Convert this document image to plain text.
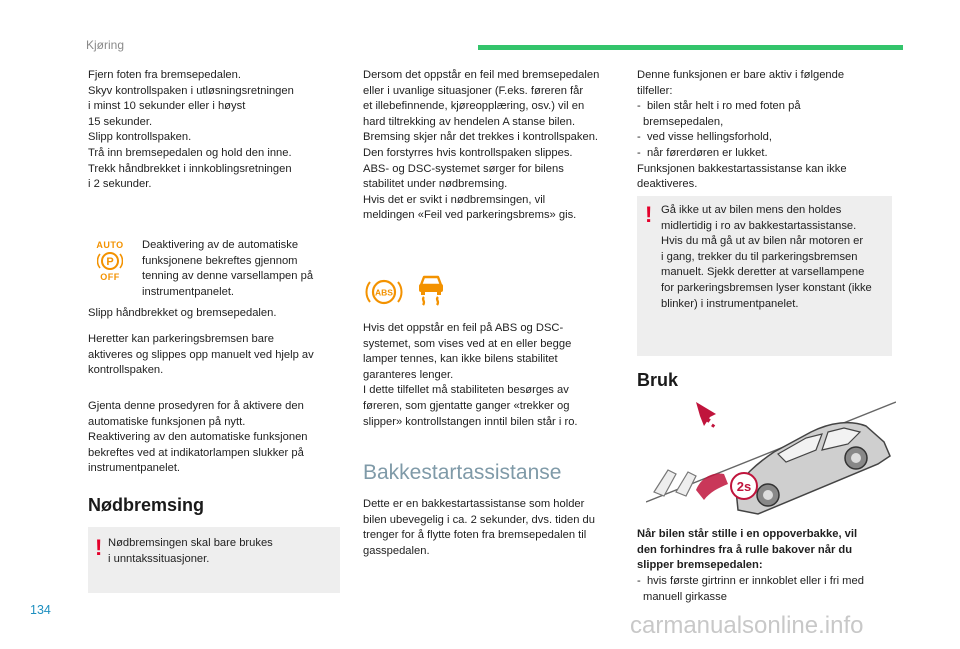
Kjøring
Fjern foten fra bremsepedalen.
Skyv kontrollspaken i utløsningsretningen
i minst 10 sekunder eller i høyst
15 sekunder.
Slipp kontrollspaken.
Trå inn bremsepedalen og hold den inne.
Trekk håndbrekket i innkoblingsretningen
i 2 sekunder.
AUTO
P
OFF
Deaktivering av de automatiske
funksjonene bekreftes gjennom
tenning av denne varsellampen på
instrumentpanelet.
Slipp håndbrekket og bremsepedalen.
Heretter kan parkeringsbremsen bare
aktiveres og slippes opp manuelt ved hjelp av
kontrollspaken.
Gjenta denne prosedyren for å aktivere den
automatiske funksjonen på nytt.
Reaktivering av den automatiske funksjonen
bekreftes ved at indikatorlampen slukker på
instrumentpanelet.
Nødbremsing
! Nødbremsingen skal bare brukes
i unntakssituasjoner.
Dersom det oppstår en feil med bremsepedalen
eller i uvanlige situasjoner (F.eks. føreren får
et illebefinnende, kjøreopplæring, osv.) vil en
hard tiltrekking av hendelen A stanse bilen.
Bremsing skjer når det trekkes i kontrollspaken.
Den forstyrres hvis kontrollspaken slippes.
ABS- og DSC-systemet sørger for bilens
stabilitet under nødbremsing.
Hvis det er svikt i nødbremsingen, vil
meldingen «Feil ved parkeringsbrems» gis.
ABS
Hvis det oppstår en feil på ABS og DSC-
systemet, som vises ved at en eller begge
lamper tennes, kan ikke bilens stabilitet
garanteres lenger.
I dette tilfellet må stabiliteten besørges av
føreren, som gjentatte ganger «trekker og
slipper» kontrollstangen inntil bilen står i ro.
Bakkestartassistanse
Dette er en bakkestartassistanse som holder
bilen ubevegelig i ca. 2 sekunder, dvs. tiden du
trenger for å flytte foten fra bremsepedalen til
gasspedalen.
Denne funksjonen er bare aktiv i følgende
tilfeller:
- bilen står helt i ro med foten på
bremsepedalen,
- ved visse hellingsforhold,
- når førerdøren er lukket.
Funksjonen bakkestartassistanse kan ikke
deaktiveres.
! Gå ikke ut av bilen mens den holdes
midlertidig i ro av bakkestartassistanse.
Hvis du må gå ut av bilen når motoren er
i gang, trekker du til parkeringsbremsen
manuelt. Sjekk deretter at varsellampene
for parkeringsbremsen lyser konstant (ikke
blinker) i instrumentpanelet.
Bruk
2s
Når bilen står stille i en oppoverbakke, vil
den forhindres fra å rulle bakover når du
slipper bremsepedalen:
- hvis første girtrinn er innkoblet eller i fri med
manuell girkasse
134
carmanualsonline.info
